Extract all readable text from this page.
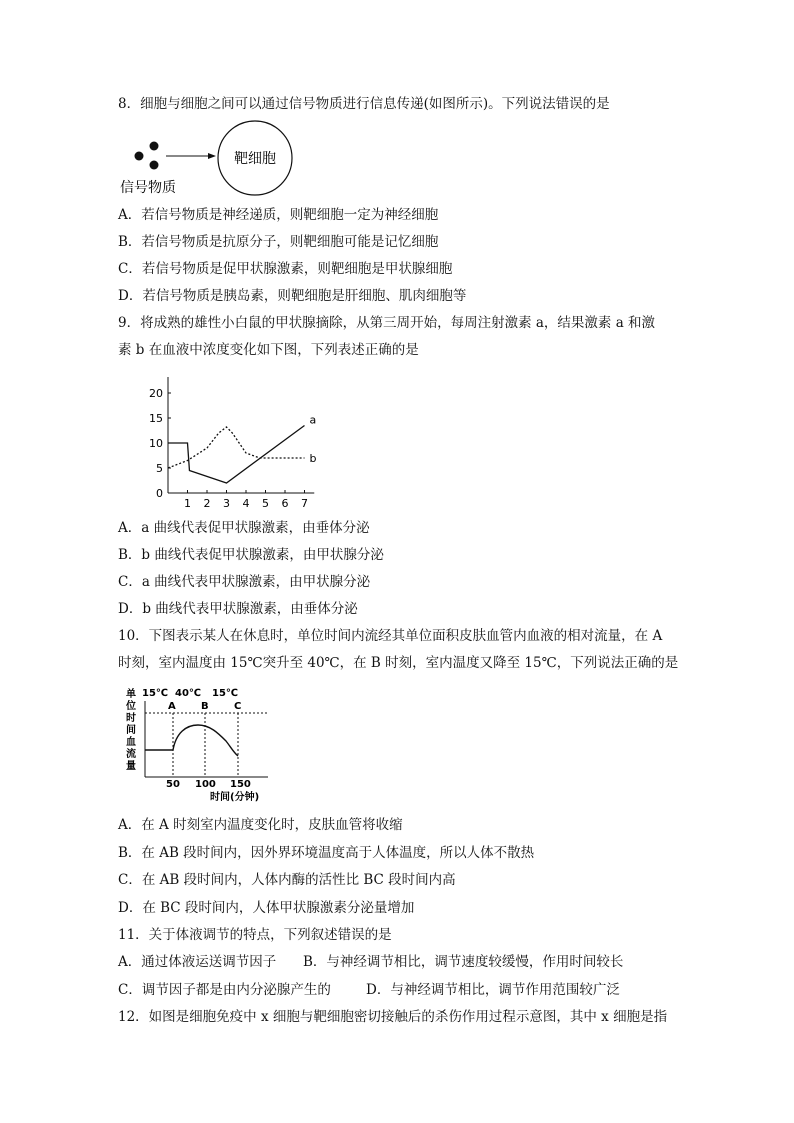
8．细胞与细胞之间可以通过信号物质进行信息传递(如图所示)。下列说法错误的是
靶细胞
信号物质
A．若信号物质是神经递质，则靶细胞一定为神经细胞
B．若信号物质是抗原分子，则靶细胞可能是记忆细胞
C．若信号物质是促甲状腺激素，则靶细胞是甲状腺细胞
D．若信号物质是胰岛素，则靶细胞是肝细胞、肌肉细胞等
9．将成熟的雄性小白鼠的甲状腺摘除，从第三周开始，每周注射激素 a，结果激素 a 和激
素 b 在血液中浓度变化如下图，下列表述正确的是
0
5
10
15
20
1 2 3 4 5 6 7
a
b
A．a 曲线代表促甲状腺激素，由垂体分泌
B．b 曲线代表促甲状腺激素，由甲状腺分泌
C．a 曲线代表甲状腺激素，由甲状腺分泌
D．b 曲线代表甲状腺激素，由垂体分泌
10．下图表示某人在休息时，单位时间内流经其单位面积皮肤血管内血液的相对流量，在 A
时刻，室内温度由 15℃突升至 40℃，在 B 时刻，室内温度又降至 15℃，下列说法正确的是
单
位
时
间
血
流
量
15℃ 40℃ 15℃
A	B	C
50 100 150
时间(分钟)
A．在 A 时刻室内温度变化时，皮肤血管将收缩
B．在 AB 段时间内，因外界环境温度高于人体温度，所以人体不散热
C．在 AB 段时间内，人体内酶的活性比 BC 段时间内高
D．在 BC 段时间内，人体甲状腺激素分泌量增加
11．关于体液调节的特点，下列叙述错误的是
A．通过体液运送调节因子 B．与神经调节相比，调节速度较缓慢，作用时间较长
C．调节因子都是由内分泌腺产生的	D．与神经调节相比，调节作用范围较广泛
12．如图是细胞免疫中 x 细胞与靶细胞密切接触后的杀伤作用过程示意图，其中 x 细胞是指
